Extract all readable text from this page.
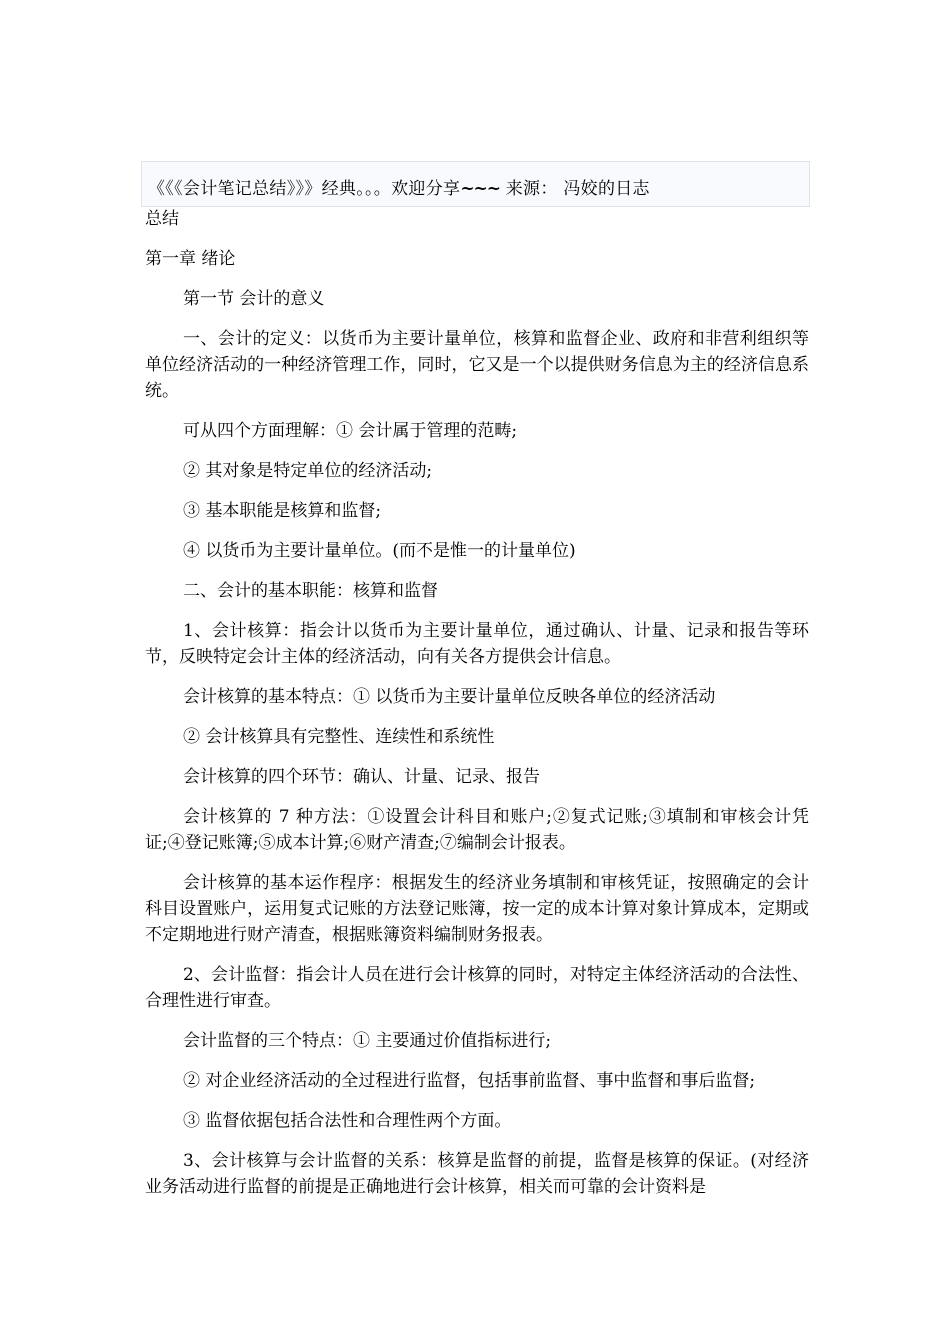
《《《会计笔记总结》》》经典。。。欢迎分享~~~ 来源： 冯姣的日志

总结

第一章 绪论

第一节 会计的意义

一、会计的定义：以货币为主要计量单位，核算和监督企业、政府和非营利组织等单位经济活动的一种经济管理工作，同时，它又是一个以提供财务信息为主的经济信息系统。

可从四个方面理解：① 会计属于管理的范畴;

② 其对象是特定单位的经济活动;

③ 基本职能是核算和监督;

④ 以货币为主要计量单位。(而不是惟一的计量单位)

二、会计的基本职能：核算和监督

1、会计核算：指会计以货币为主要计量单位，通过确认、计量、记录和报告等环节，反映特定会计主体的经济活动，向有关各方提供会计信息。

会计核算的基本特点：① 以货币为主要计量单位反映各单位的经济活动

② 会计核算具有完整性、连续性和系统性

会计核算的四个环节：确认、计量、记录、报告

会计核算的 7 种方法：①设置会计科目和账户;②复式记账;③填制和审核会计凭证;④登记账簿;⑤成本计算;⑥财产清查;⑦编制会计报表。

会计核算的基本运作程序：根据发生的经济业务填制和审核凭证，按照确定的会计科目设置账户，运用复式记账的方法登记账簿，按一定的成本计算对象计算成本，定期或不定期地进行财产清查，根据账簿资料编制财务报表。

2、会计监督：指会计人员在进行会计核算的同时，对特定主体经济活动的合法性、合理性进行审查。

会计监督的三个特点：① 主要通过价值指标进行;

② 对企业经济活动的全过程进行监督，包括事前监督、事中监督和事后监督;

③ 监督依据包括合法性和合理性两个方面。

3、会计核算与会计监督的关系：核算是监督的前提，监督是核算的保证。(对经济业务活动进行监督的前提是正确地进行会计核算，相关而可靠的会计资料是
